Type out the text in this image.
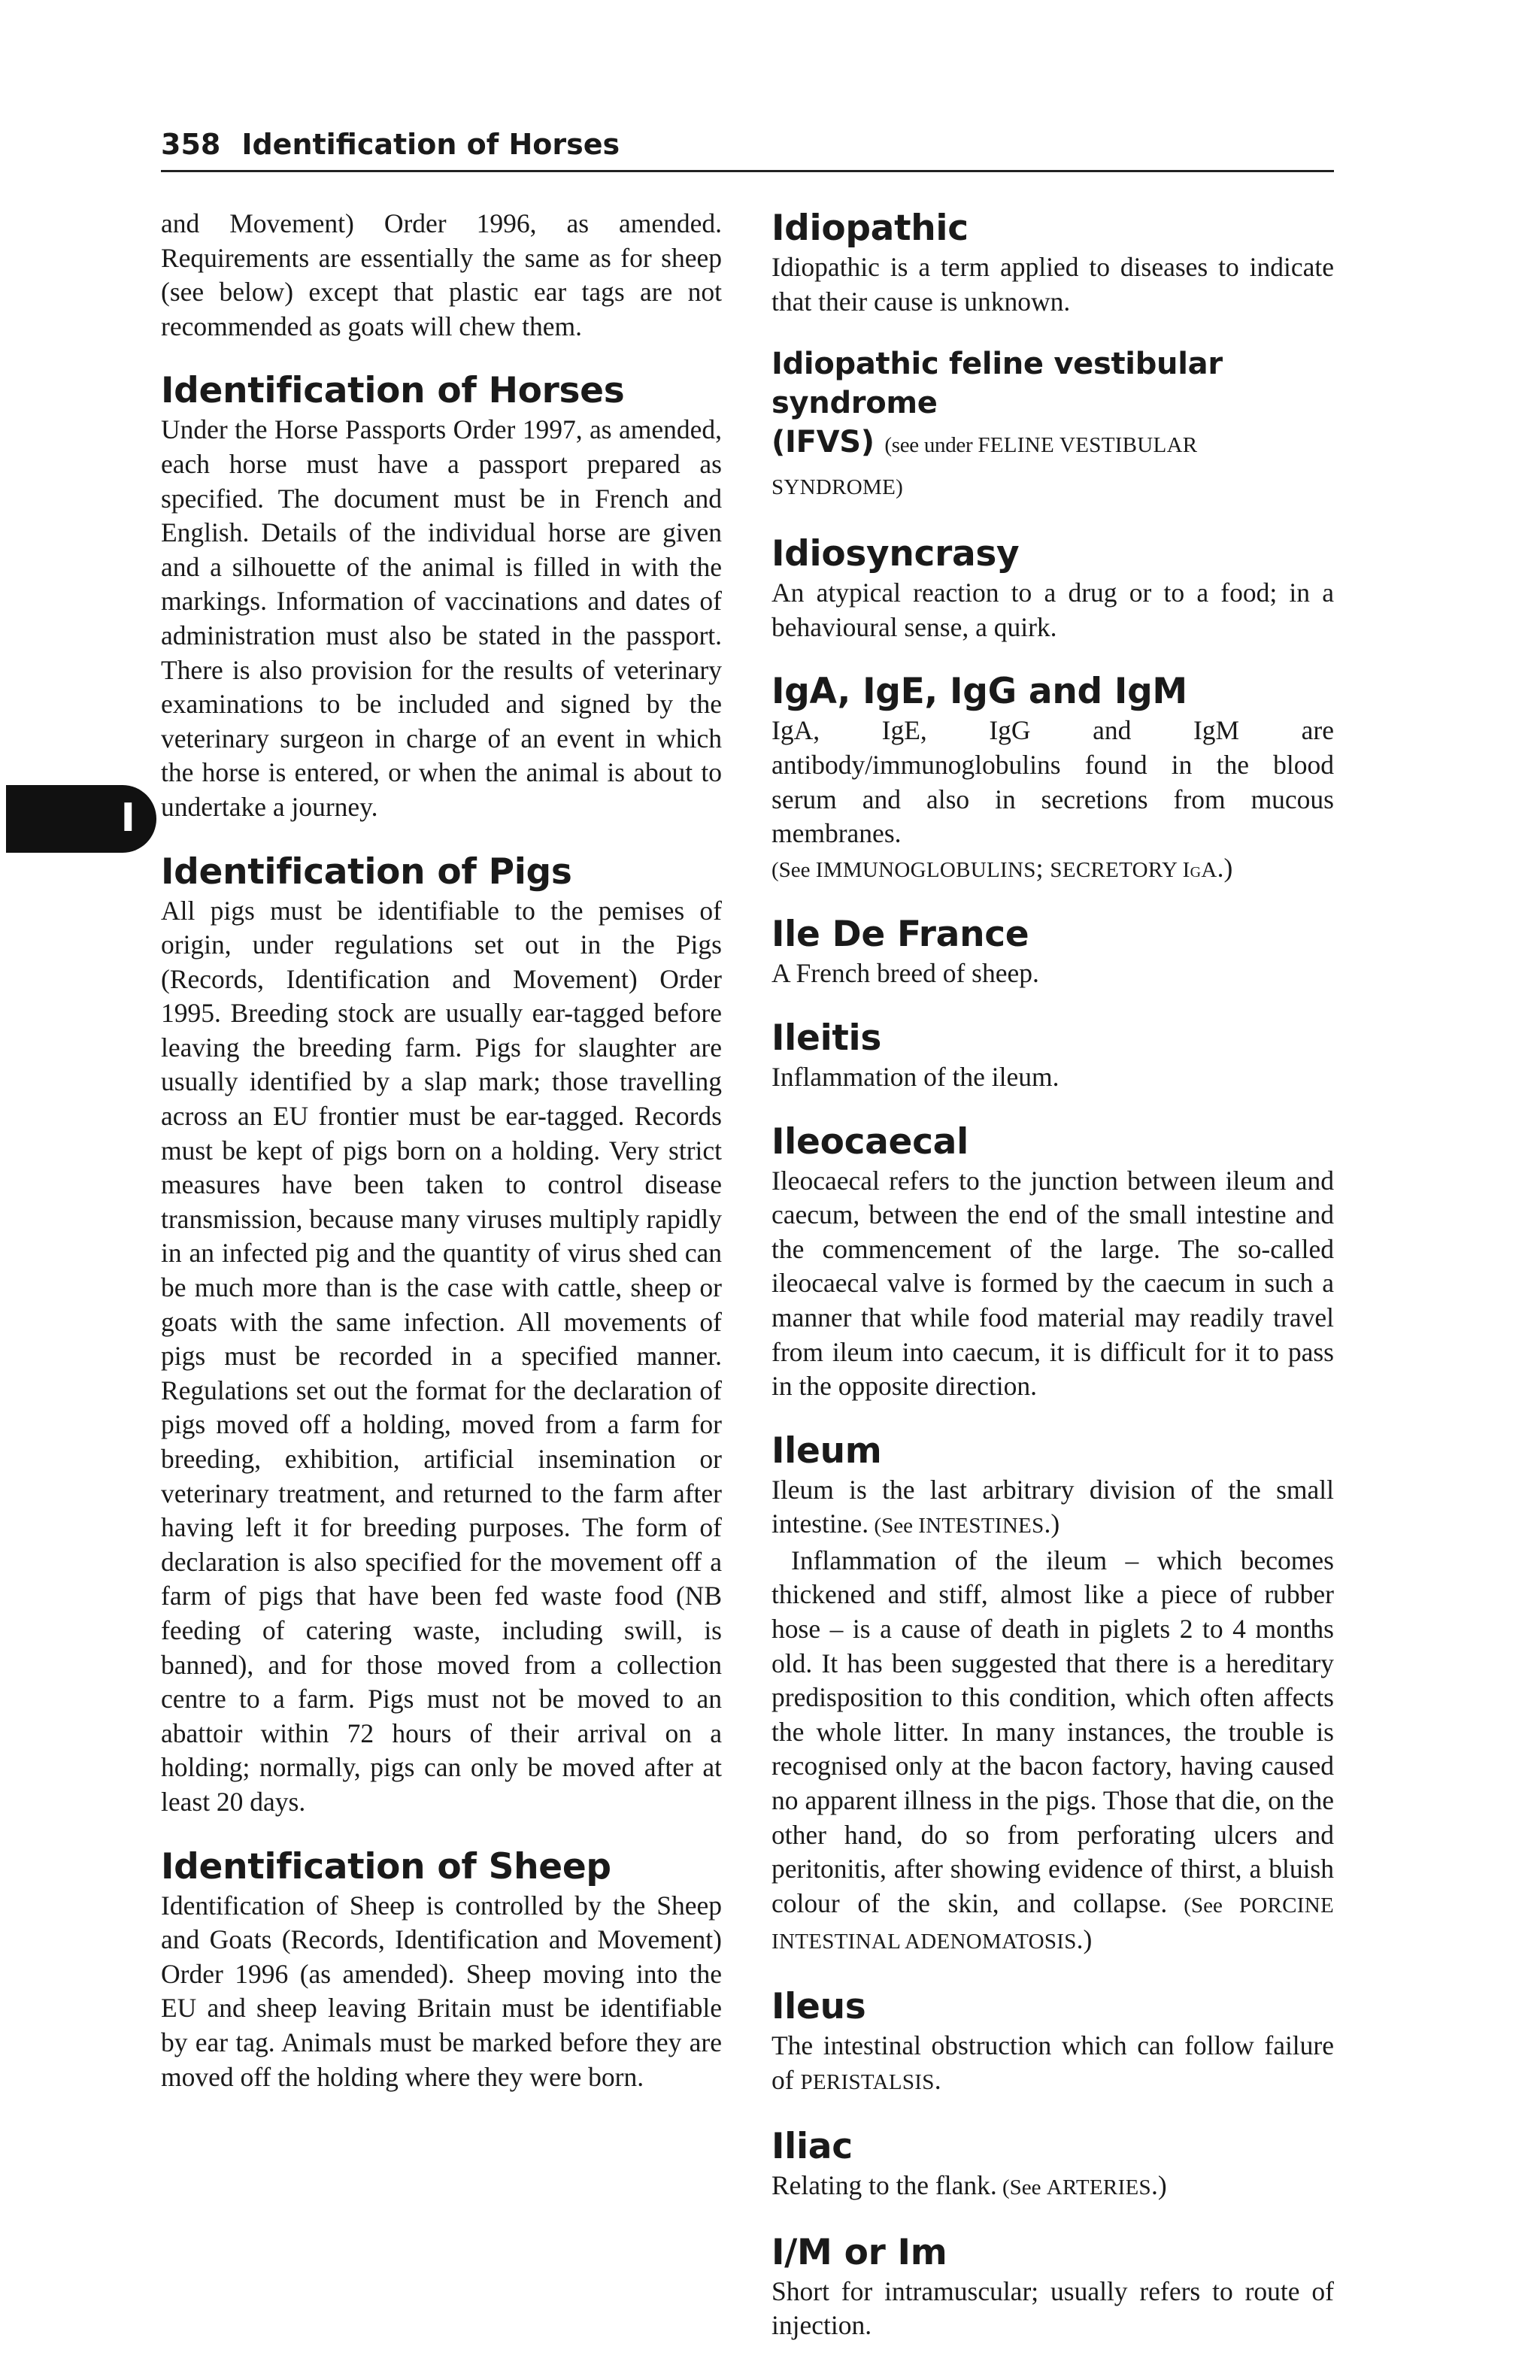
358 Identification of Horses
I

and Movement) Order 1996, as amended. Requirements are essentially the same as for sheep (see below) except that plastic ear tags are not recommended as goats will chew them.

Identification of Horses

Under the Horse Passports Order 1997, as amended, each horse must have a passport prepared as specified. The document must be in French and English. Details of the individual horse are given and a silhouette of the animal is filled in with the markings. Information of vaccinations and dates of administration must also be stated in the passport. There is also provision for the results of veterinary examinations to be included and signed by the veterinary surgeon in charge of an event in which the horse is entered, or when the animal is about to undertake a journey.

Identification of Pigs

All pigs must be identifiable to the pemises of origin, under regulations set out in the Pigs (Records, Identification and Movement) Order 1995. Breeding stock are usually ear-tagged before leaving the breeding farm. Pigs for slaughter are usually identified by a slap mark; those travelling across an EU frontier must be ear-tagged. Records must be kept of pigs born on a holding. Very strict measures have been taken to control disease transmission, because many viruses multiply rapidly in an infected pig and the quantity of virus shed can be much more than is the case with cattle, sheep or goats with the same infection. All movements of pigs must be recorded in a specified manner. Regulations set out the format for the declaration of pigs moved off a holding, moved from a farm for breeding, exhibition, artificial insemination or veterinary treatment, and returned to the farm after having left it for breeding purposes. The form of declaration is also specified for the movement off a farm of pigs that have been fed waste food (NB feeding of catering waste, including swill, is banned), and for those moved from a collection centre to a farm. Pigs must not be moved to an abattoir within 72 hours of their arrival on a holding; normally, pigs can only be moved after at least 20 days.

Identification of Sheep

Identification of Sheep is controlled by the Sheep and Goats (Records, Identification and Movement) Order 1996 (as amended). Sheep moving into the EU and sheep leaving Britain must be identifiable by ear tag. Animals must be marked before they are moved off the holding where they were born.

Idiopathic

Idiopathic is a term applied to diseases to indicate that their cause is unknown.

Idiopathic feline vestibular syndrome
(IFVS) (see under FELINE VESTIBULAR SYNDROME)
Idiosyncrasy

An atypical reaction to a drug or to a food; in a behavioural sense, a quirk.

IgA, IgE, IgG and IgM

IgA, IgE, IgG and IgM are antibody/immunoglobulins found in the blood serum and also in secretions from mucous membranes.
(See IMMUNOGLOBULINS; SECRETORY IgA.)

Ile De France

A French breed of sheep.

Ileitis

Inflammation of the ileum.

Ileocaecal

Ileocaecal refers to the junction between ileum and caecum, between the end of the small intestine and the commencement of the large. The so-called ileocaecal valve is formed by the caecum in such a manner that while food material may readily travel from ileum into caecum, it is difficult for it to pass in the opposite direction.

Ileum

Ileum is the last arbitrary division of the small intestine. (See INTESTINES.)

Inflammation of the ileum – which becomes thickened and stiff, almost like a piece of rubber hose – is a cause of death in piglets 2 to 4 months old. It has been suggested that there is a hereditary predisposition to this condition, which often affects the whole litter. In many instances, the trouble is recognised only at the bacon factory, having caused no apparent illness in the pigs. Those that die, on the other hand, do so from perforating ulcers and peritonitis, after showing evidence of thirst, a bluish colour of the skin, and collapse. (See PORCINE INTESTINAL ADENOMATOSIS.)

Ileus

The intestinal obstruction which can follow failure of PERISTALSIS.

Iliac

Relating to the flank. (See ARTERIES.)

I/M or Im

Short for intramuscular; usually refers to route of injection.
